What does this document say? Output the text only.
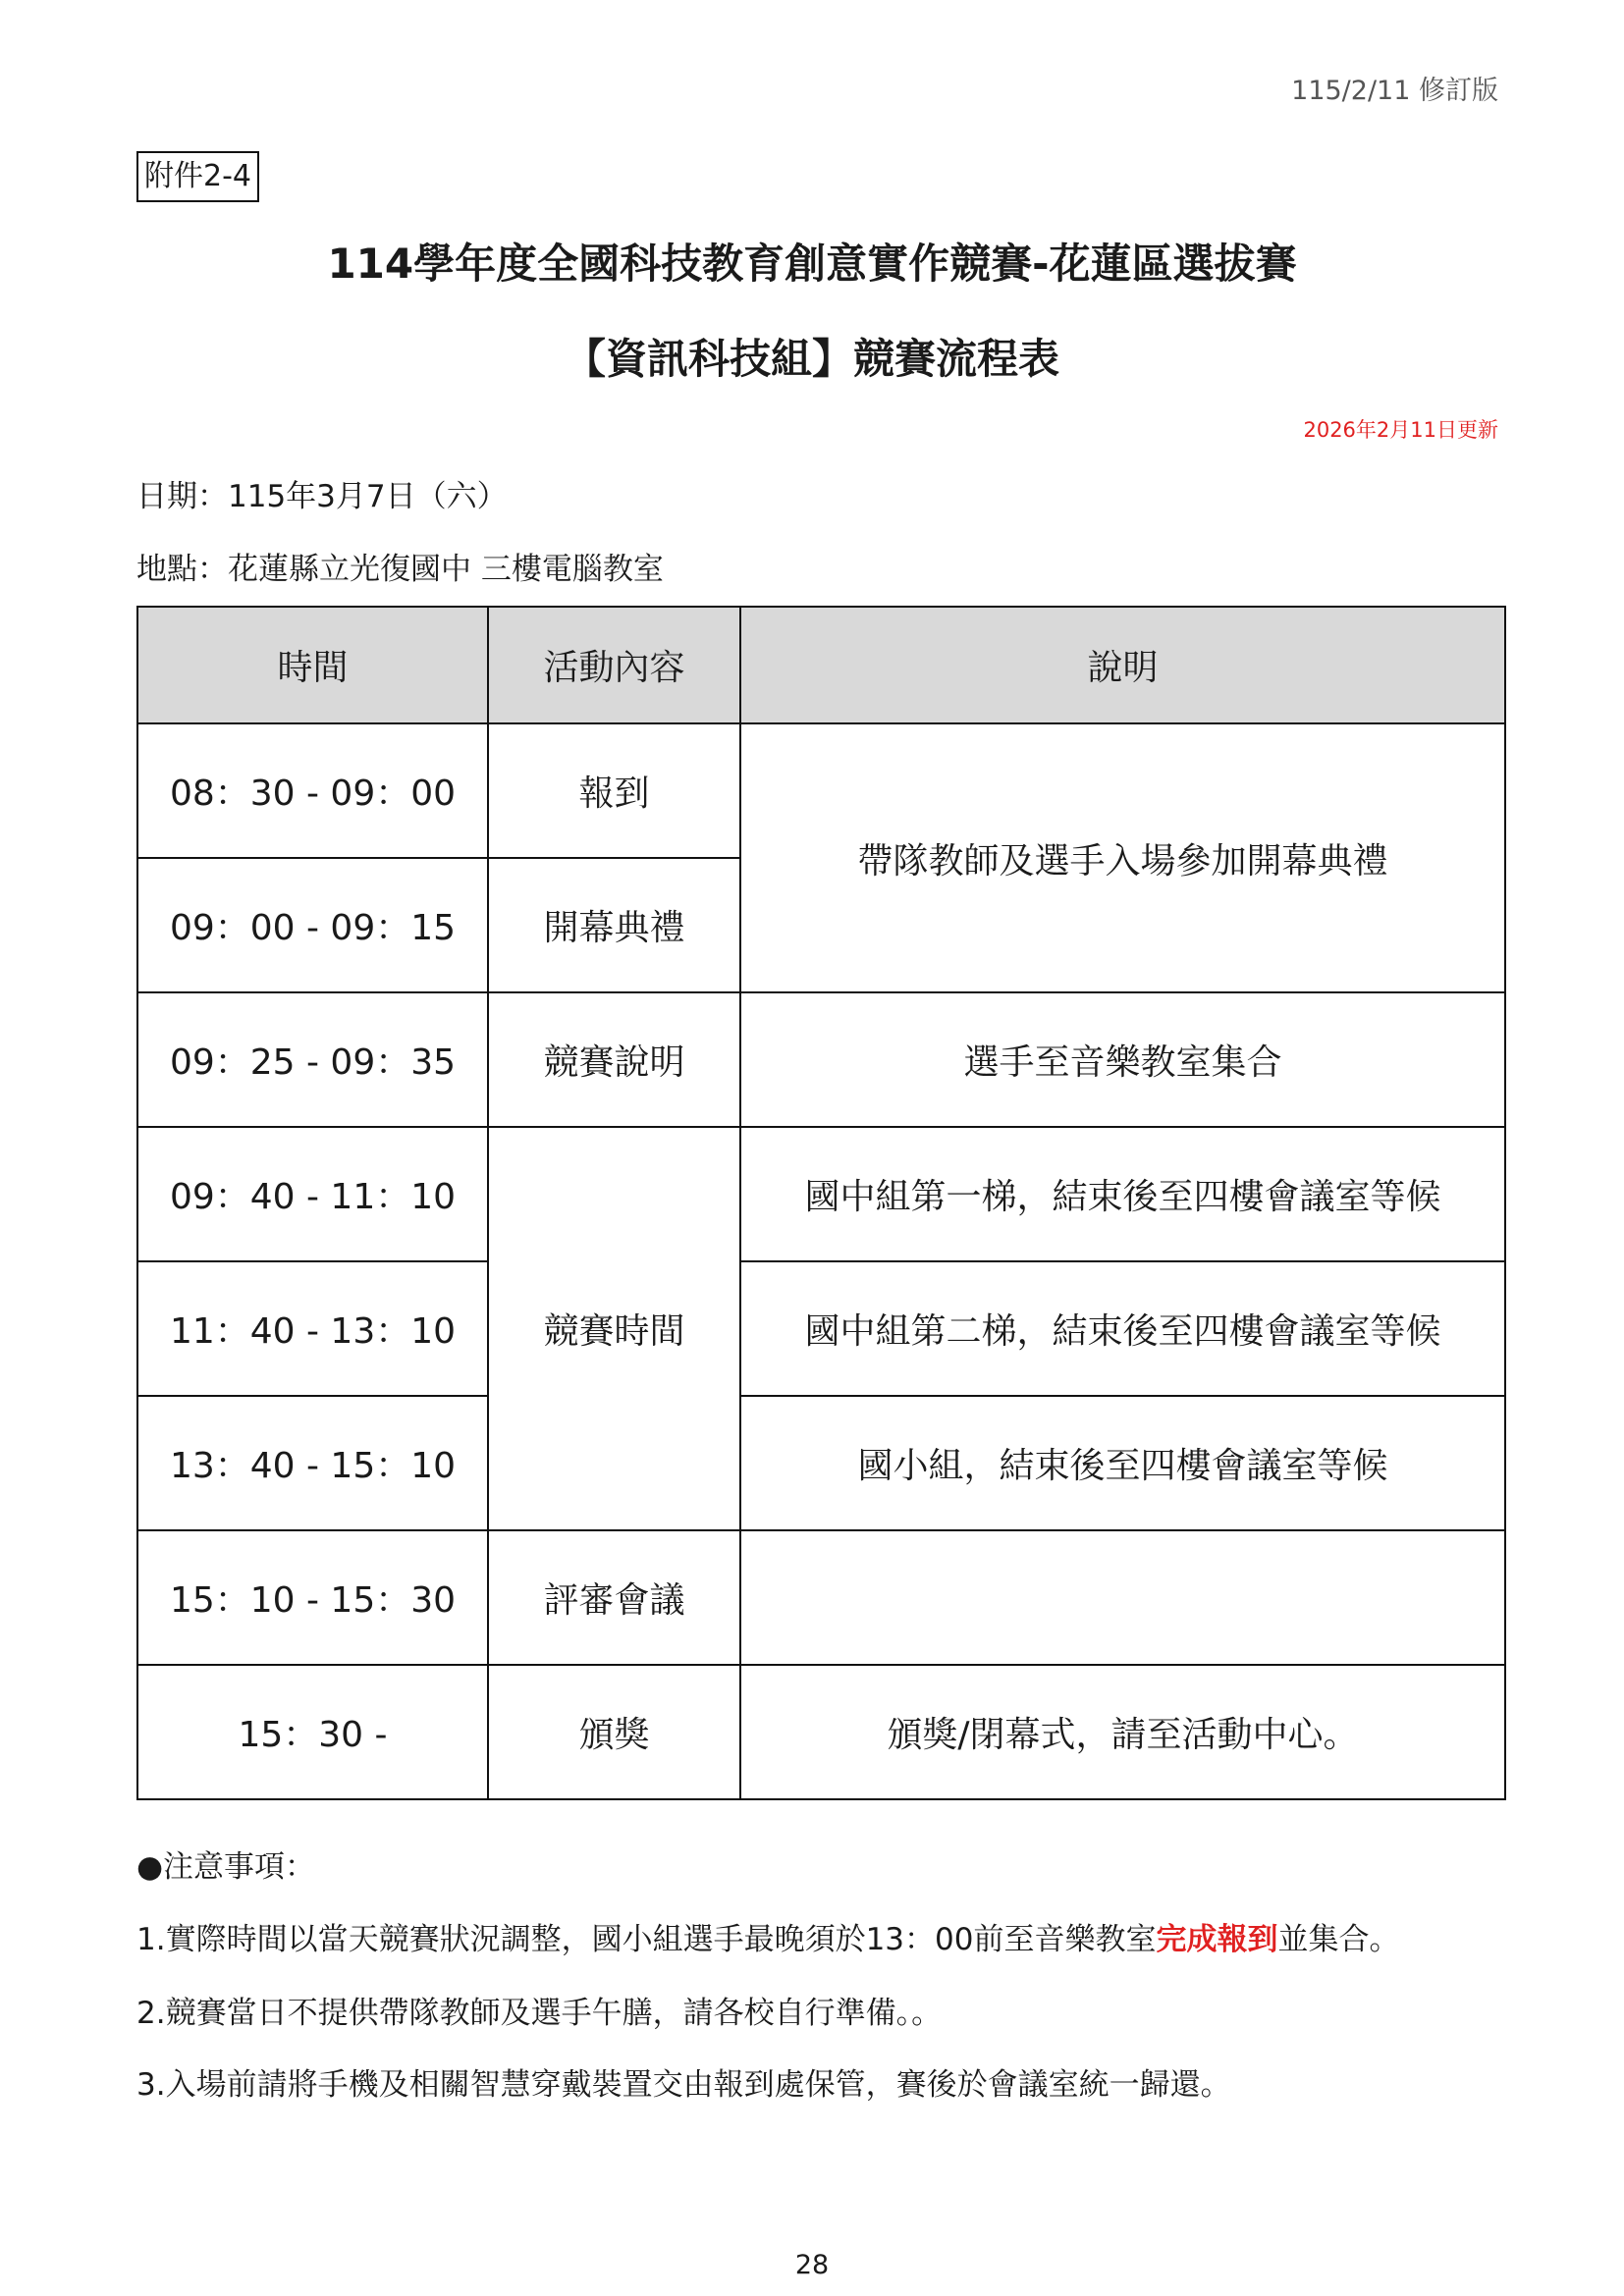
115/2/11 修訂版
附件2-4
114學年度全國科技教育創意實作競賽-花蓮區選拔賽
【資訊科技組】競賽流程表
2026年2月11日更新
日期：115年3月7日（六）
地點：花蓮縣立光復國中 三樓電腦教室
時間	活動內容	說明
08：30 - 09：00	報到	帶隊教師及選手入場參加開幕典禮
09：00 - 09：15	開幕典禮	
09：25 - 09：35	競賽說明	選手至音樂教室集合
09：40 - 11：10	競賽時間	國中組第一梯，結束後至四樓會議室等候
11：40 - 13：10		國中組第二梯，結束後至四樓會議室等候
13：40 - 15：10		國小組，結束後至四樓會議室等候
15：10 - 15：30	評審會議	
15：30 -	頒獎	頒獎/閉幕式，請至活動中心。
●注意事項：
1.實際時間以當天競賽狀況調整，國小組選手最晚須於13：00前至音樂教室完成報到並集合。
2.競賽當日不提供帶隊教師及選手午膳，請各校自行準備。。
3.入場前請將手機及相關智慧穿戴裝置交由報到處保管，賽後於會議室統一歸還。
28
